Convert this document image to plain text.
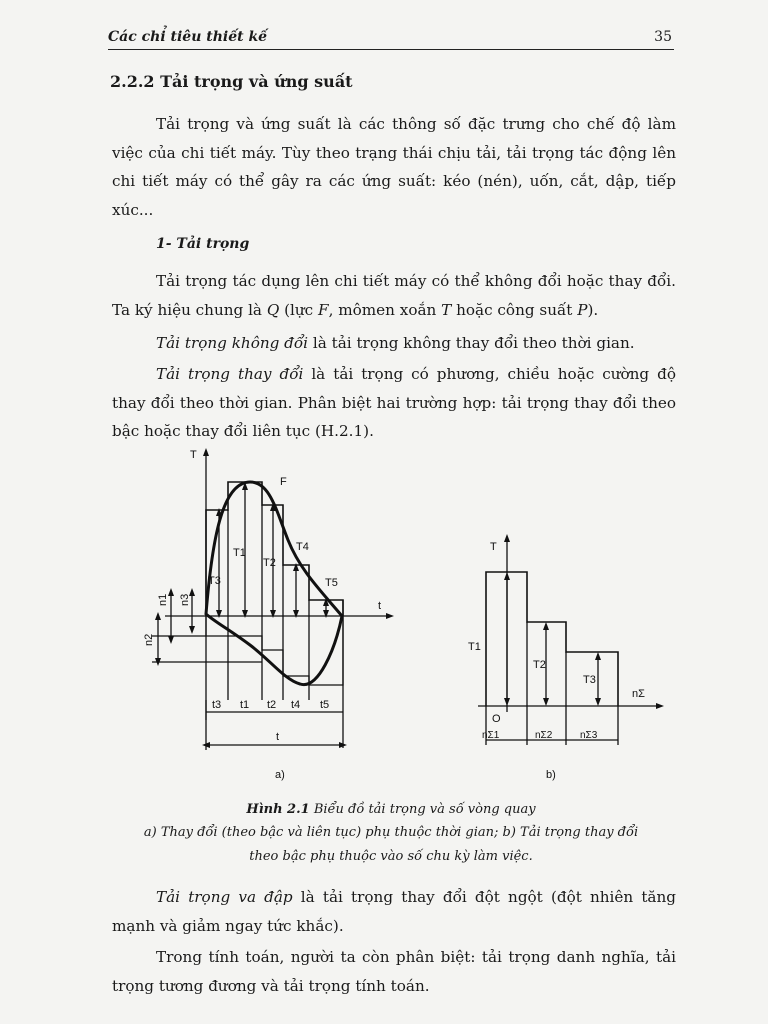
Các chỉ tiêu thiết kế	35
2.2.2 Tải trọng và ứng suất

Tải trọng và ứng suất là các thông số đặc trưng cho chế độ làm việc của chi tiết máy. Tùy theo trạng thái chịu tải, tải trọng tác động lên chi tiết máy có thể gây ra các ứng suất: kéo (nén), uốn, cắt, dập, tiếp xúc...

1- Tải trọng

Tải trọng tác dụng lên chi tiết máy có thể không đổi hoặc thay đổi. Ta ký hiệu chung là Q (lực F, mômen xoắn T hoặc công suất P).

Tải trọng không đổi là tải trọng không thay đổi theo thời gian.

Tải trọng thay đổi là tải trọng có phương, chiều hoặc cường độ thay đổi theo thời gian. Phân biệt hai trường hợp: tải trọng thay đổi theo bậc hoặc thay đổi liên tục (H.2.1).

T
t
F
T1
T2
T3
T4
T5
n1
n2
n3
t3 t1 t2 t4 t5
t
a)
T
nΣ
O
T1
T2
T3
nΣ1	nΣ2	nΣ3
b)
Hình 2.1 Biểu đồ tải trọng và số vòng quay
a) Thay đổi (theo bậc và liên tục) phụ thuộc thời gian; b) Tải trọng thay đổi
theo bậc phụ thuộc vào số chu kỳ làm việc.

Tải trọng va đập là tải trọng thay đổi đột ngột (đột nhiên tăng mạnh và giảm ngay tức khắc).

Trong tính toán, người ta còn phân biệt: tải trọng danh nghĩa, tải trọng tương đương và tải trọng tính toán.
